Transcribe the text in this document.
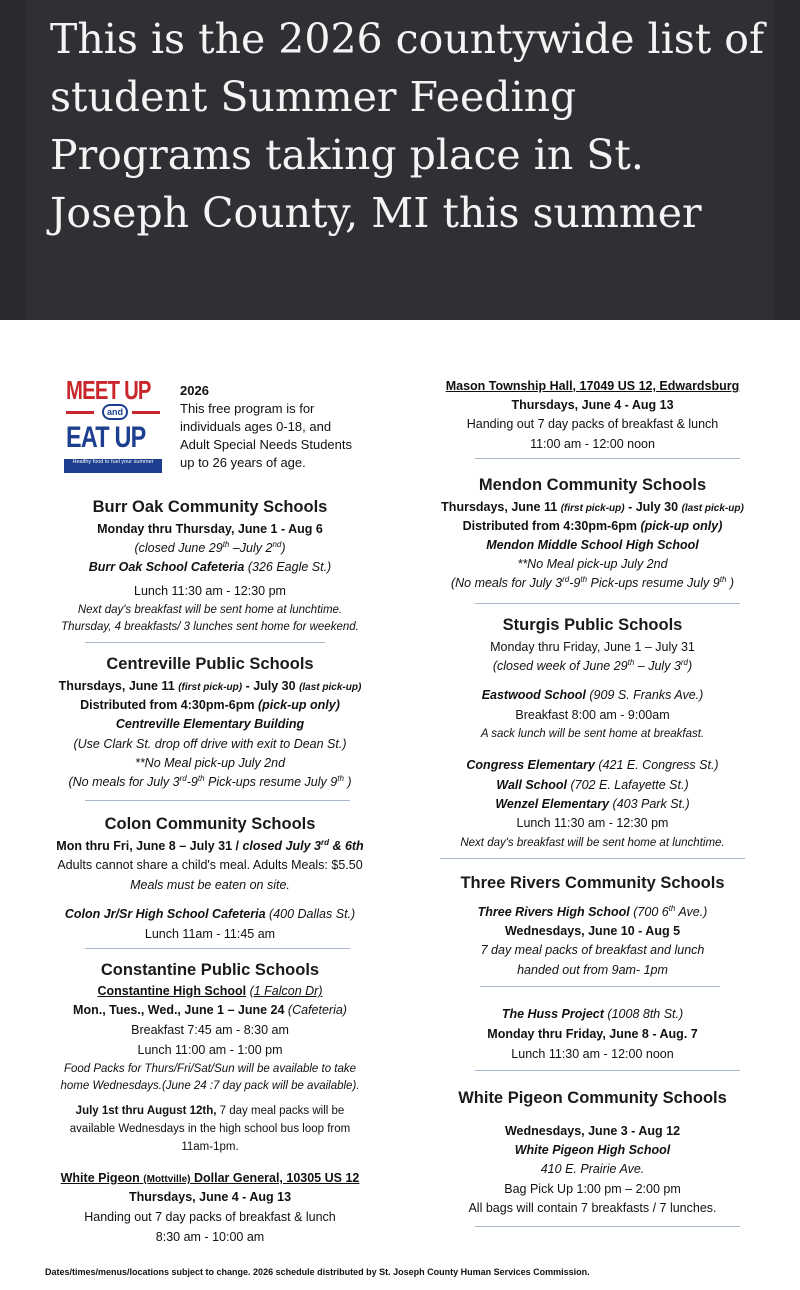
This is the 2026 countywide list of student Summer Feeding Programs taking place in St. Joseph County, MI this summer
MEET UP
and
EAT UP
Healthy food to fuel your summer
2026
This free program is for
individuals ages 0-18, and
Adult Special Needs Students
up to 26 years of age.
Burr Oak Community Schools
Monday thru Thursday, June 1 - Aug 6
(closed June 29th –July 2nd)
Burr Oak School Cafeteria (326 Eagle St.)
Lunch 11:30 am - 12:30 pm
Next day's breakfast will be sent home at lunchtime.
Thursday, 4 breakfasts/ 3 lunches sent home for weekend.
Centreville Public Schools
Thursdays, June 11 (first pick-up) - July 30 (last pick-up)
Distributed from 4:30pm-6pm (pick-up only)
Centreville Elementary Building
(Use Clark St. drop off drive with exit to Dean St.)
**No Meal pick-up July 2nd
(No meals for July 3rd-9th Pick-ups resume July 9th )
Colon Community Schools
Mon thru Fri, June 8 – July 31 / closed July 3rd & 6th
Adults cannot share a child's meal. Adults Meals: $5.50
Meals must be eaten on site.
Colon Jr/Sr High School Cafeteria (400 Dallas St.)
Lunch 11am - 11:45 am
Constantine Public Schools
Constantine High School (1 Falcon Dr)
Mon., Tues., Wed., June 1 – June 24 (Cafeteria)
Breakfast 7:45 am - 8:30 am
Lunch 11:00 am - 1:00 pm
Food Packs for Thurs/Fri/Sat/Sun will be available to take
home Wednesdays.(June 24 :7 day pack will be available).
July 1st thru August 12th, 7 day meal packs will be
available Wednesdays in the high school bus loop from
11am-1pm.
White Pigeon (Mottville) Dollar General, 10305 US 12
Thursdays, June 4 - Aug 13
Handing out 7 day packs of breakfast & lunch
8:30 am - 10:00 am
Mason Township Hall, 17049 US 12, Edwardsburg
Thursdays, June 4 - Aug 13
Handing out 7 day packs of breakfast & lunch
11:00 am - 12:00 noon
Mendon Community Schools
Thursdays, June 11 (first pick-up) - July 30 (last pick-up)
Distributed from 4:30pm-6pm (pick-up only)
Mendon Middle School High School
**No Meal pick-up July 2nd
(No meals for July 3rd-9th Pick-ups resume July 9th )
Sturgis Public Schools
Monday thru Friday, June 1 – July 31
(closed week of June 29th – July 3rd)
Eastwood School (909 S. Franks Ave.)
Breakfast 8:00 am - 9:00am
A sack lunch will be sent home at breakfast.
Congress Elementary (421 E. Congress St.)
Wall School (702 E. Lafayette St.)
Wenzel Elementary (403 Park St.)
Lunch 11:30 am - 12:30 pm
Next day's breakfast will be sent home at lunchtime.
Three Rivers Community Schools
Three Rivers High School (700 6th Ave.)
Wednesdays, June 10 - Aug 5
7 day meal packs of breakfast and lunch
handed out from 9am- 1pm
The Huss Project (1008 8th St.)
Monday thru Friday, June 8 - Aug. 7
Lunch 11:30 am - 12:00 noon
White Pigeon Community Schools
Wednesdays, June 3 - Aug 12
White Pigeon High School
410 E. Prairie Ave.
Bag Pick Up 1:00 pm – 2:00 pm
All bags will contain 7 breakfasts / 7 lunches.
Dates/times/menus/locations subject to change. 2026 schedule distributed by St. Joseph County Human Services Commission.
